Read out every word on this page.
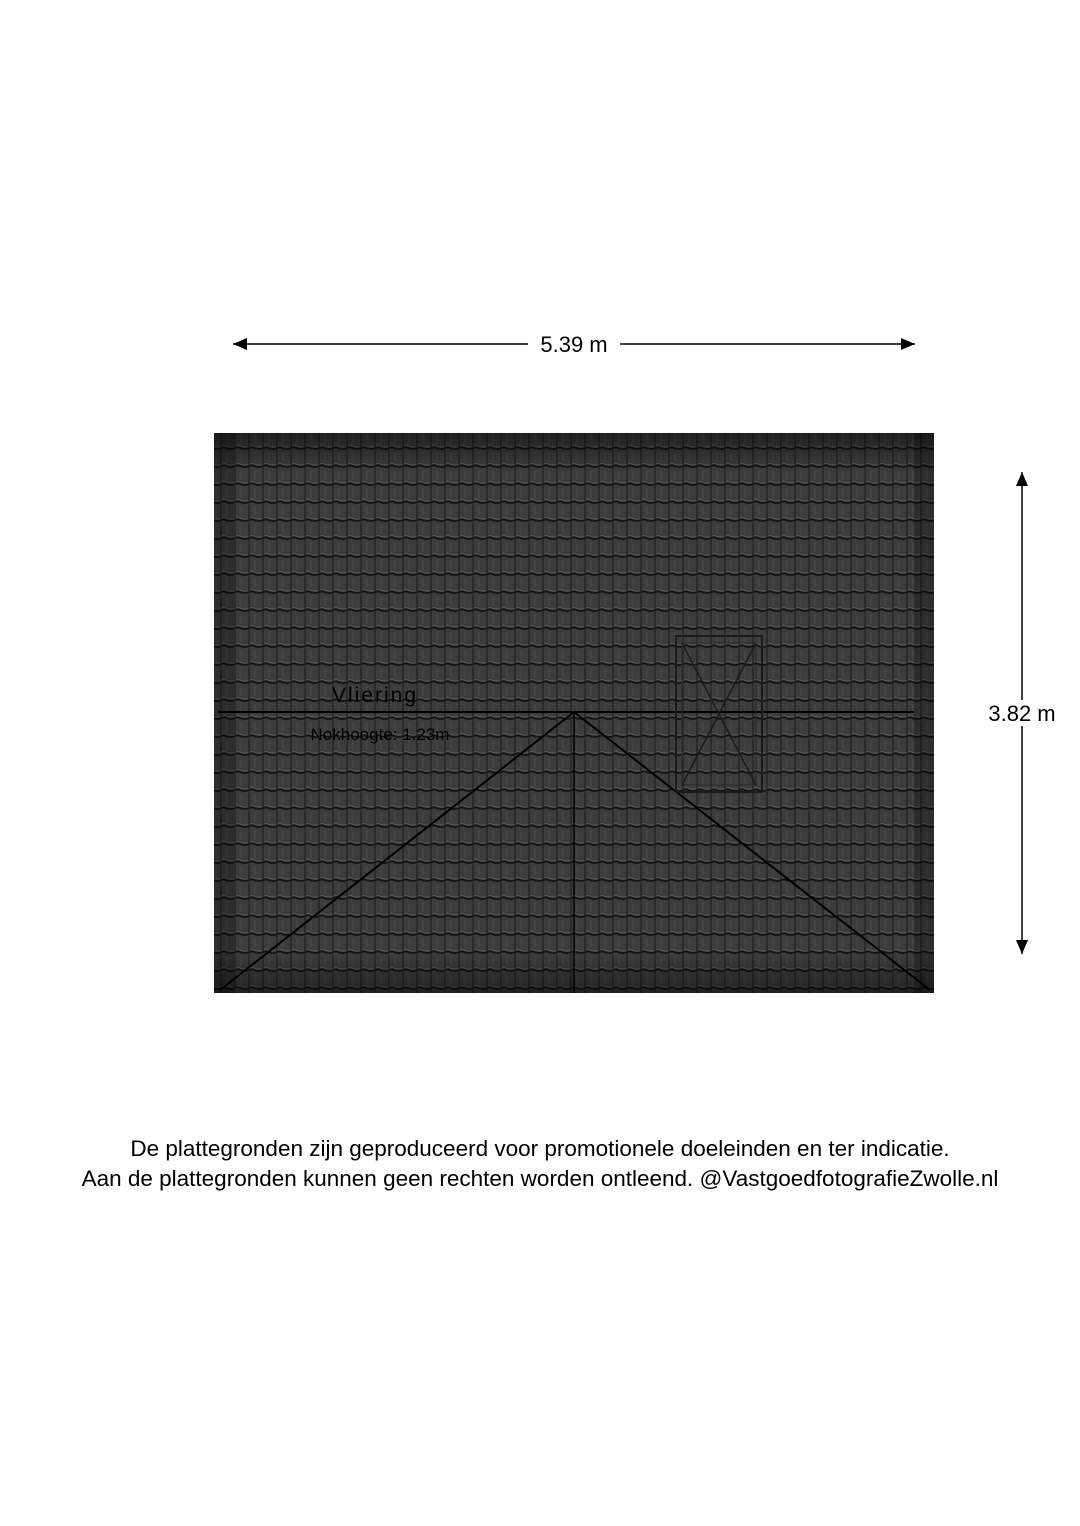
5.39 m
3.82 m
Vliering
Nokhoogte: 1.23m
De plattegronden zijn geproduceerd voor promotionele doeleinden en ter indicatie.
Aan de plattegronden kunnen geen rechten worden ontleend. @VastgoedfotografieZwolle.nl
